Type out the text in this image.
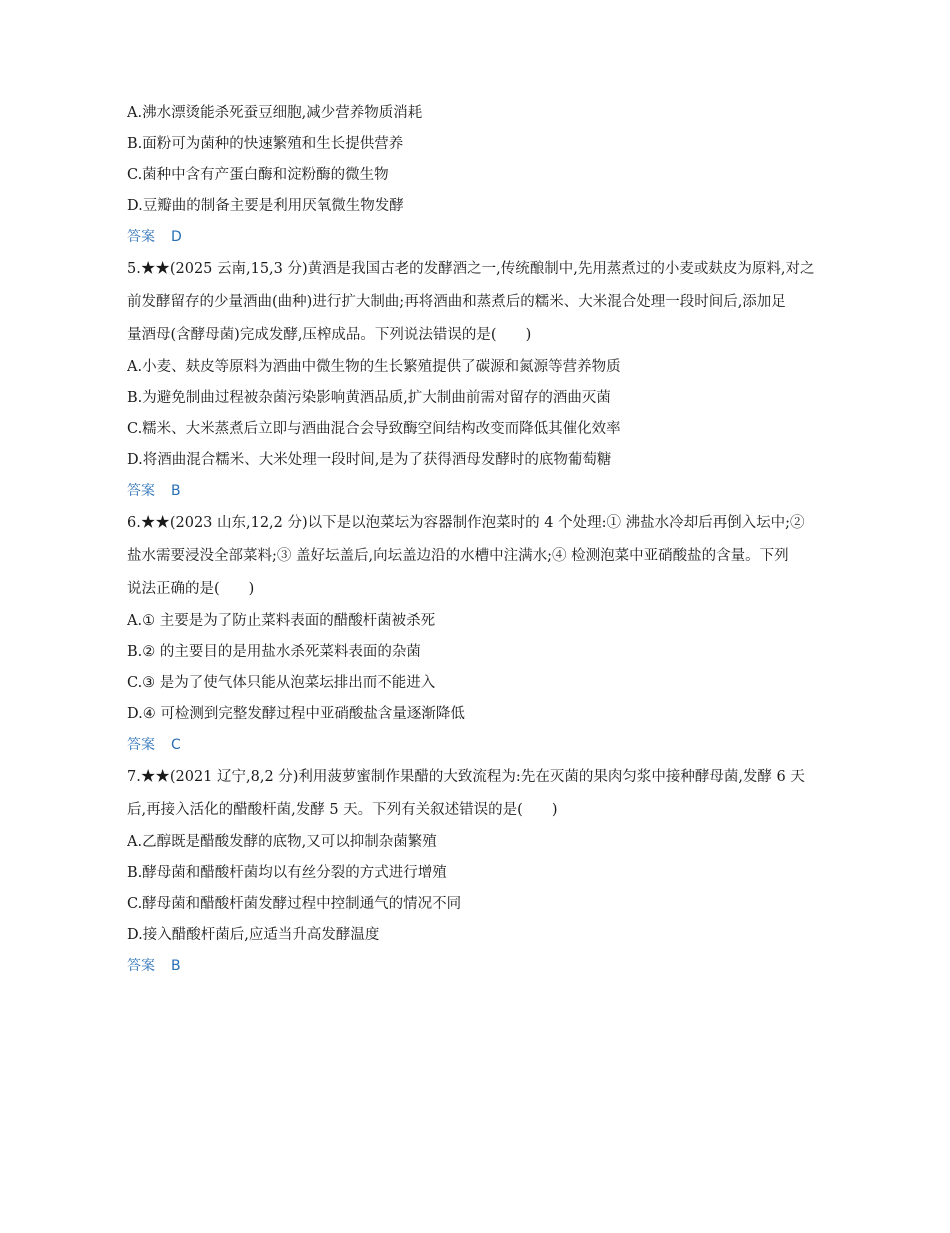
A.沸水漂烫能杀死蚕豆细胞,减少营养物质消耗
B.面粉可为菌种的快速繁殖和生长提供营养
C.菌种中含有产蛋白酶和淀粉酶的微生物
D.豆瓣曲的制备主要是利用厌氧微生物发酵
答案 D
5.★★(2025 云南,15,3 分)黄酒是我国古老的发酵酒之一,传统酿制中,先用蒸煮过的小麦或麸皮为原料,对之
前发酵留存的少量酒曲(曲种)进行扩大制曲;再将酒曲和蒸煮后的糯米、大米混合处理一段时间后,添加足
量酒母(含酵母菌)完成发酵,压榨成品。下列说法错误的是(　　)
A.小麦、麸皮等原料为酒曲中微生物的生长繁殖提供了碳源和氮源等营养物质
B.为避免制曲过程被杂菌污染影响黄酒品质,扩大制曲前需对留存的酒曲灭菌
C.糯米、大米蒸煮后立即与酒曲混合会导致酶空间结构改变而降低其催化效率
D.将酒曲混合糯米、大米处理一段时间,是为了获得酒母发酵时的底物葡萄糖
答案 B
6.★★(2023 山东,12,2 分)以下是以泡菜坛为容器制作泡菜时的 4 个处理:① 沸盐水冷却后再倒入坛中;②
盐水需要浸没全部菜料;③ 盖好坛盖后,向坛盖边沿的水槽中注满水;④ 检测泡菜中亚硝酸盐的含量。下列
说法正确的是(　　)
A.① 主要是为了防止菜料表面的醋酸杆菌被杀死
B.② 的主要目的是用盐水杀死菜料表面的杂菌
C.③ 是为了使气体只能从泡菜坛排出而不能进入
D.④ 可检测到完整发酵过程中亚硝酸盐含量逐渐降低
答案 C
7.★★(2021 辽宁,8,2 分)利用菠萝蜜制作果醋的大致流程为:先在灭菌的果肉匀浆中接种酵母菌,发酵 6 天
后,再接入活化的醋酸杆菌,发酵 5 天。下列有关叙述错误的是(　　)
A.乙醇既是醋酸发酵的底物,又可以抑制杂菌繁殖
B.酵母菌和醋酸杆菌均以有丝分裂的方式进行增殖
C.酵母菌和醋酸杆菌发酵过程中控制通气的情况不同
D.接入醋酸杆菌后,应适当升高发酵温度
答案 B
